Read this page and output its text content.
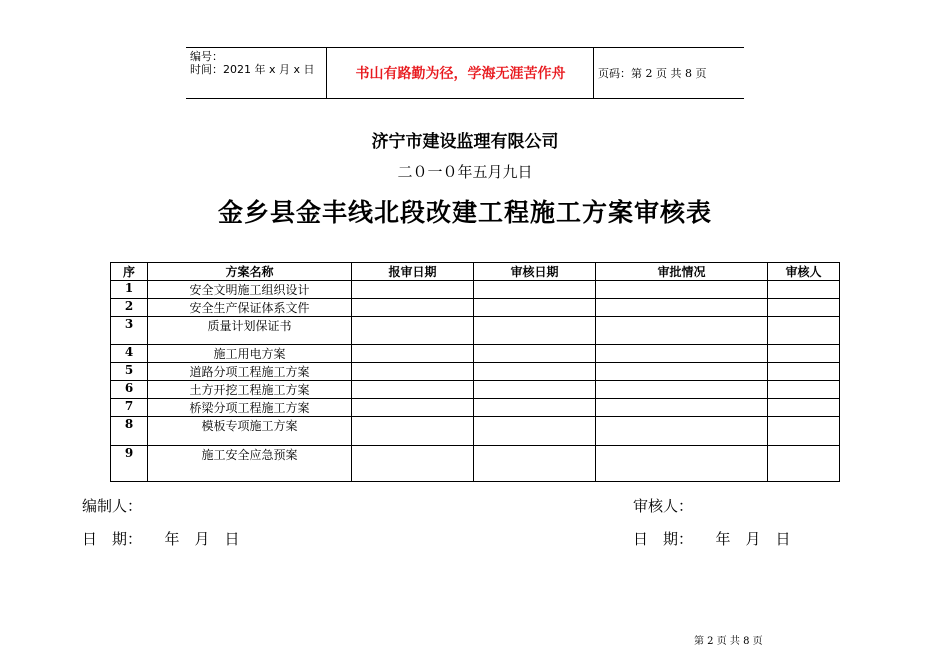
编号：
时间：2021 年 x 月 x 日	书山有路勤为径，学海无涯苦作舟	页码：第 2 页 共 8 页
济宁市建设监理有限公司
二０一０年五月九日
金乡县金丰线北段改建工程施工方案审核表
序	方案名称	报审日期	审核日期	审批情况	审核人
1	安全文明施工组织设计				
2	安全生产保证体系文件				
3	质量计划保证书				
4	施工用电方案				
5	道路分项工程施工方案				
6	土方开挖工程施工方案				
7	桥梁分项工程施工方案				
8	模板专项施工方案				
9	施工安全应急预案				
编制人：
日　期：　　年　月　日
审核人：
日　期：　　年　月　日
第 2 页 共 8 页
